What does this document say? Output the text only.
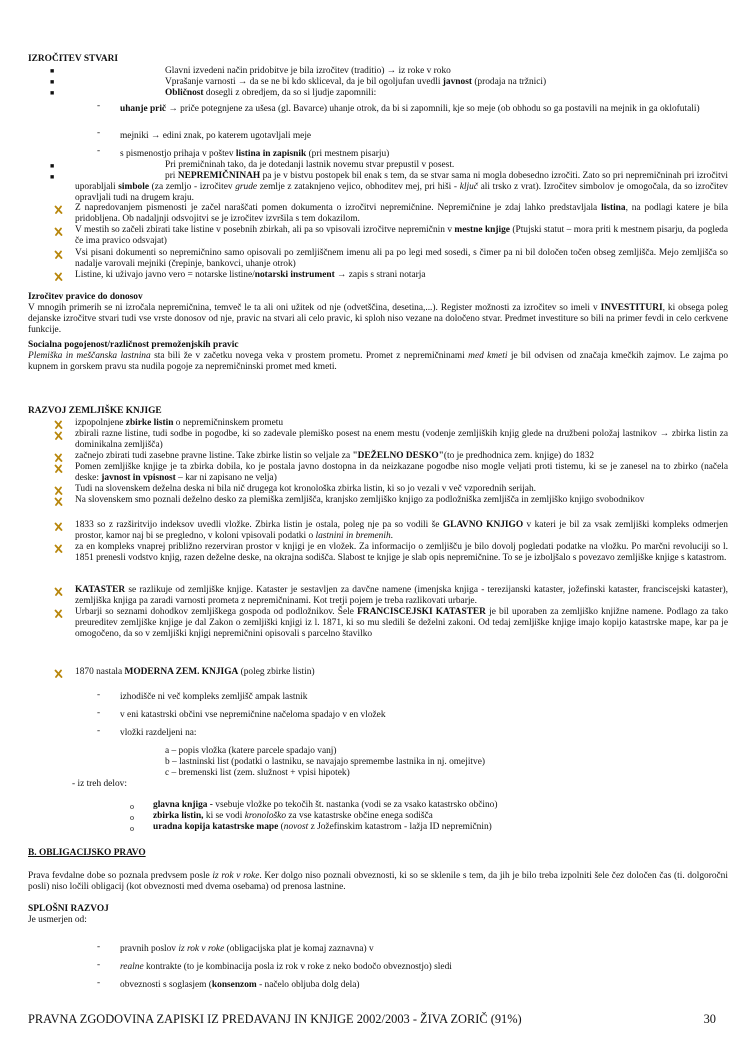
IZROČITEV STVARI
■	Glavni izvedeni način pridobitve je bila izročitev (traditio) → iz roke v roko
■	Vprašanje varnosti → da se ne bi kdo skliceval, da je bil ogoljufan uvedli javnost (prodaja na tržnici)
■	Obličnost dosegli z obredjem, da so si ljudje zapomnili:
- uhanje prič → priče potegnjene za ušesa (gl. Bavarce) uhanje otrok, da bi si zapomnili, kje so meje (ob obhodu so ga postavili na mejnik in ga oklofutali)
- mejniki → edini znak, po katerem ugotavljali meje
- s pismenostjo prihaja v poštev listina in zapisnik (pri mestnem pisarju)
■	Pri premičninah tako, da je dotedanji lastnik novemu stvar prepustil v posest.
■	pri NEPREMIČNINAH pa je v bistvu postopek bil enak s tem, da se stvar sama ni mogla dobesedno izročiti. Zato so pri nepremičninah pri izročitvi uporabljali simbole (za zemljo - izročitev grude zemlje z zataknjeno vejico, obhoditev mej, pri hiši - ključ ali trsko z vrat). Izročitev simbolov je omogočala, da so izročitev opravljali tudi na drugem kraju.
Z napredovanjem pismenosti je začel naraščati pomen dokumenta o izročitvi nepremičnine. Nepremičnine je zdaj lahko predstavljala listina, na podlagi katere je bila pridobljena. Ob nadaljnji odsvojitvi se je izročitev izvršila s tem dokazilom.
V mestih so začeli zbirati take listine v posebnih zbirkah, ali pa so vpisovali izročitve nepremičnin v mestne knjige (Ptujski statut – mora priti k mestnem pisarju, da pogleda če ima pravico odsvajat)
Vsi pisani dokumenti so nepremičnino samo opisovali po zemljiščnem imenu ali pa po legi med sosedi, s čimer pa ni bil določen točen obseg zemljišča. Mejo zemljišča so nadalje varovali mejniki (črepinje, bankovci, uhanje otrok)
Listine, ki uživajo javno vero = notarske listine/notarski instrument → zapis s strani notarja
Izročitev pravice do donosov
V mnogih primerih se ni izročala nepremičnina, temveč le ta ali oni užitek od nje (odvetščina, desetina,...). Register možnosti za izročitev so imeli v INVESTITURI, ki obsega poleg dejanske izročitve stvari tudi vse vrste donosov od nje, pravic na stvari ali celo pravic, ki sploh niso vezane na določeno stvar. Predmet investiture so bili na primer fevdi in celo cerkvene funkcije.
Socialna pogojenost/različnost premoženjskih pravic
Plemiška in meščanska lastnina sta bili že v začetku novega veka v prostem prometu. Promet z nepremičninami med kmeti je bil odvisen od značaja kmečkih zajmov. Le zajma po kupnem in gorskem pravu sta nudila pogoje za nepremičninski promet med kmeti.
RAZVOJ ZEMLJIŠKE KNJIGE
izpopolnjene zbirke listin o nepremičninskem prometu
zbirali razne listine, tudi sodbe in pogodbe, ki so zadevale plemiško posest na enem mestu (vodenje zemljiških knjig glede na družbeni položaj lastnikov → zbirka listin za dominikalna zemljišča)
začnejo zbirati tudi zasebne pravne listine. Take zbirke listin so veljale za "DEŽELNO DESKO"(to je predhodnica zem. knjige) do 1832
Pomen zemljiške knjige je ta zbirka dobila, ko je postala javno dostopna in da neizkazane pogodbe niso mogle veljati proti tistemu, ki se je zanesel na to zbirko (načela deske: javnost in vpisnost – kar ni zapisano ne velja)
Tudi na slovenskem deželna deska ni bila nič drugega kot kronološka zbirka listin, ki so jo vezali v več vzporednih serijah.
Na slovenskem smo poznali deželno desko za plemiška zemljišča, kranjsko zemljiško knjigo za podložniška zemljišča in zemljiško knjigo svobodnikov
1833 so z razširitvijo indeksov uvedli vložke. Zbirka listin je ostala, poleg nje pa so vodili še GLAVNO KNJIGO v kateri je bil za vsak zemljiški kompleks odmerjen prostor, kamor naj bi se pregledno, v koloni vpisovali podatki o lastnini in bremenih.
za en kompleks vnaprej približno rezerviran prostor v knjigi je en vložek. Za informacijo o zemljišču je bilo dovolj pogledati podatke na vložku. Po marčni revoluciji so l. 1851 prenesli vodstvo knjig, razen deželne deske, na okrajna sodišča. Slabost te knjige je slab opis nepremičnine. To se je izboljšalo s povezavo zemljiške knjige s katastrom.
KATASTER se razlikuje od zemljiške knjige. Kataster je sestavljen za davčne namene (imenjska knjiga - terezijanski kataster, jožefinski kataster, franciscejski kataster), zemljiška knjiga pa zaradi varnosti prometa z nepremičninami. Kot tretji pojem je treba razlikovati urbarje.
Urbarji so seznami dohodkov zemljiškega gospoda od podložnikov. Šele FRANCISCEJSKI KATASTER je bil uporaben za zemljiško knjižne namene. Podlago za tako preureditev zemljiške knjige je dal Zakon o zemljiški knjigi iz l. 1871, ki so mu sledili še deželni zakoni. Od tedaj zemljiške knjige imajo kopijo katastrske mape, kar pa je omogočeno, da so v zemljiški knjigi nepremičnini opisovali s parcelno štavilko
1870 nastala MODERNA ZEM. KNJIGA (poleg zbirke listin)
- izhodišče ni več kompleks zemljišč ampak lastnik
- v eni katastrski občini vse nepremičnine načeloma spadajo v en vložek
- vložki razdeljeni na:
a – popis vložka (katere parcele spadajo vanj)
b – lastninski list (podatki o lastniku, se navajajo spremembe lastnika in nj. omejitve)
c – bremenski list (zem. služnost + vpisi hipotek)
- iz treh delov:
o glavna knjiga - vsebuje vložke po tekočih št. nastanka (vodi se za vsako katastrsko občino)
o zbirka listin, ki se vodi kronološko za vse katastrske občine enega sodišča
o uradna kopija katastrske mape (novost z Jožefinskim katastrom - lažja ID nepremičnin)
B. OBLIGACIJSKO PRAVO
Prava fevdalne dobe so poznala predvsem posle iz rok v roke. Ker dolgo niso poznali obveznosti, ki so se sklenile s tem, da jih je bilo treba izpolniti šele čez določen čas (ti. dolgoročni posli) niso ločili obligacij (kot obveznosti med dvema osebama) od prenosa lastnine.
SPLOŠNI RAZVOJ
Je usmerjen od:
- pravnih poslov iz rok v roke (obligacijska plat je komaj zaznavna) v
- realne kontrakte (to je kombinacija posla iz rok v roke z neko bodočo obveznostjo) sledi
- obveznosti s soglasjem (konsenzom - načelo obljuba dolg dela)
PRAVNA ZGODOVINA ZAPISKI IZ PREDAVANJ IN KNJIGE 2002/2003 - ŽIVA ZORIČ (91%)	30
